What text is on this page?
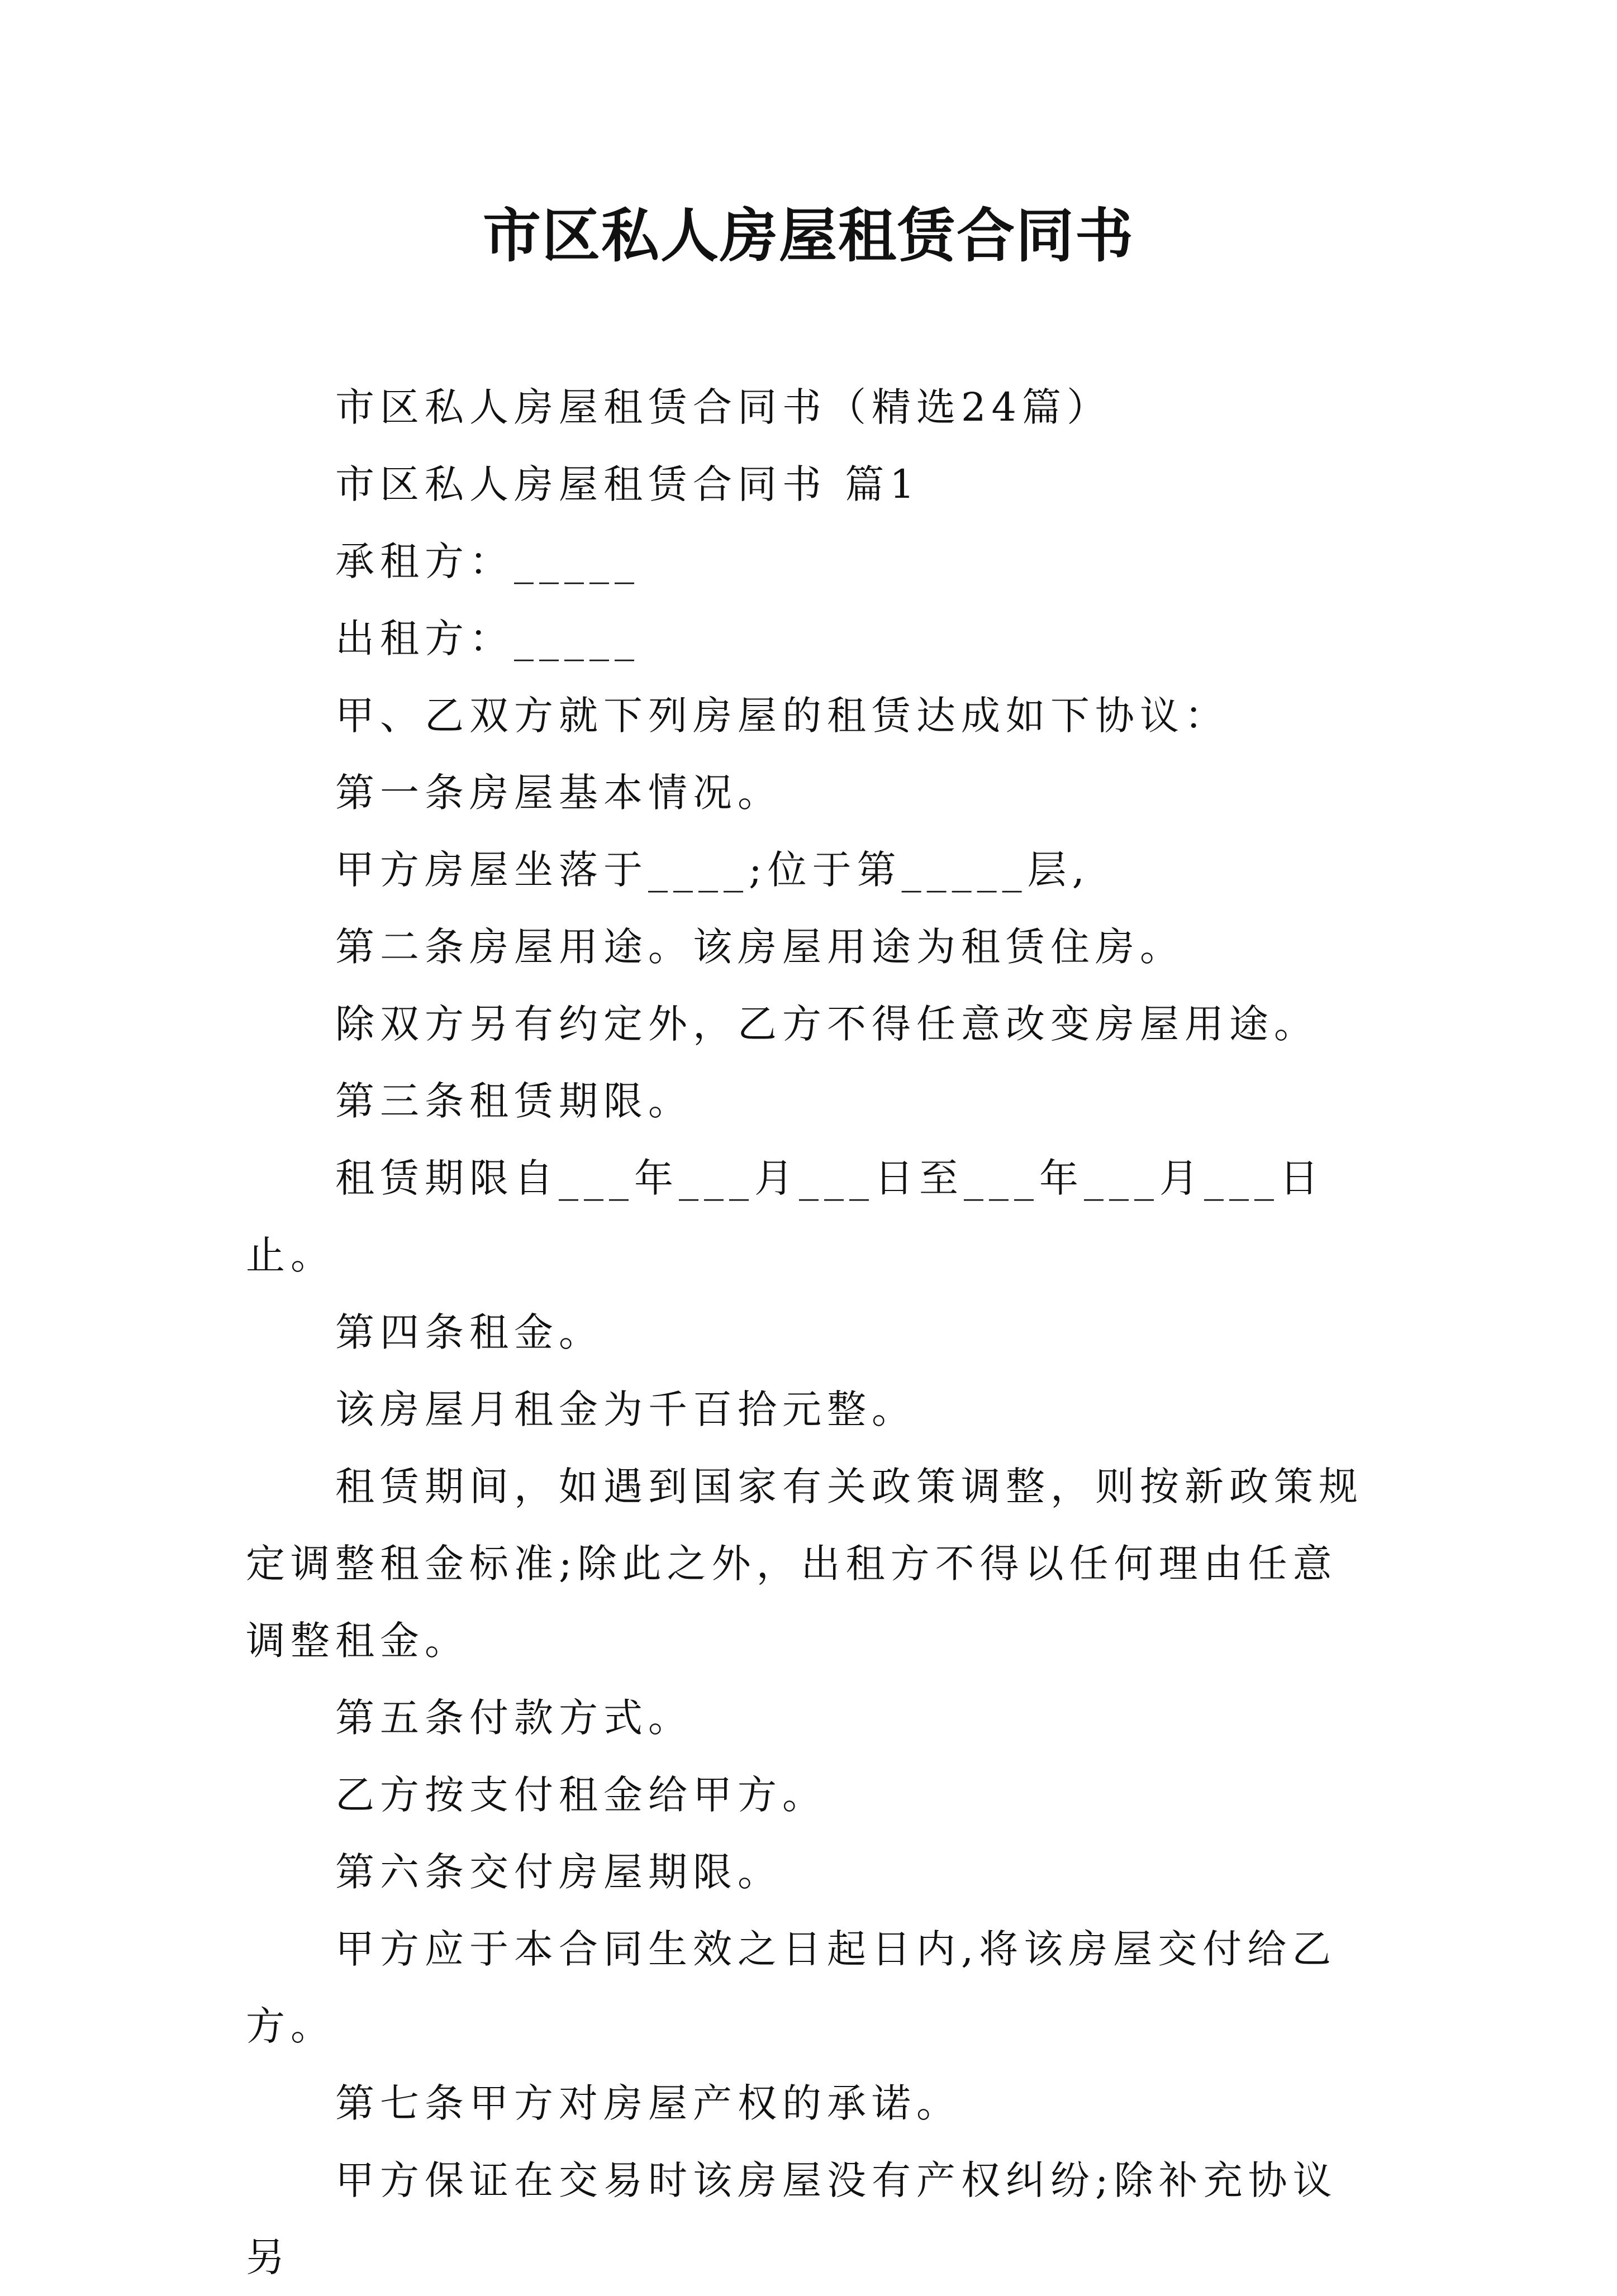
市区私人房屋租赁合同书

市区私人房屋租赁合同书（精选24篇）

市区私人房屋租赁合同书 篇1

承租方：_____

出租方：_____

甲、乙双方就下列房屋的租赁达成如下协议：

第一条房屋基本情况。

甲方房屋坐落于____;位于第_____层,

第二条房屋用途。该房屋用途为租赁住房。

除双方另有约定外，乙方不得任意改变房屋用途。

第三条租赁期限。

租赁期限自___年___月___日至___年___月___日止。

第四条租金。

该房屋月租金为千百拾元整。

租赁期间，如遇到国家有关政策调整，则按新政策规定调整租金标准;除此之外，出租方不得以任何理由任意调整租金。

第五条付款方式。

乙方按支付租金给甲方。

第六条交付房屋期限。

甲方应于本合同生效之日起日内,将该房屋交付给乙方。

第七条甲方对房屋产权的承诺。

甲方保证在交易时该房屋没有产权纠纷;除补充协议另
